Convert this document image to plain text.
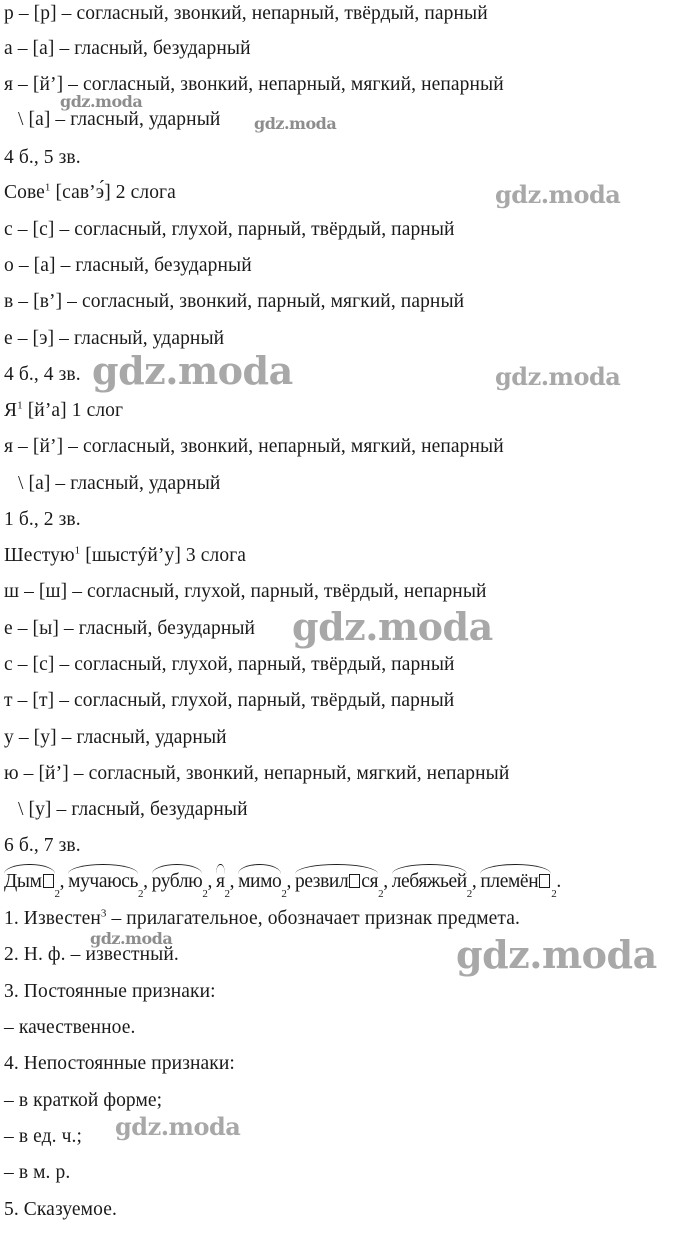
р – [р] – согласный, звонкий, непарный, твёрдый, парный
а – [а] – гласный, безударный
я – [й’] – согласный, звонкий, непарный, мягкий, непарный
\ [а] – гласный, ударный
4 б., 5 зв.
Сове$^1$ [сав’э́] 2 слога
с – [с] – согласный, глухой, парный, твёрдый, парный
о – [а] – гласный, безударный
в – [в’] – согласный, звонкий, парный, мягкий, парный
е – [э] – гласный, ударный
4 б., 4 зв.
$Я^1$ [й’а] 1 слог
я – [й’] – согласный, звонкий, непарный, мягкий, непарный
\ [а] – гласный, ударный
1 б., 2 зв.
Шестую$^1$ [шыстýй’у] 3 слога
ш – [ш] – согласный, глухой, парный, твёрдый, непарный
е – [ы] – гласный, безударный
с – [с] – согласный, глухой, парный, твёрдый, парный
т – [т] – согласный, глухой, парный, твёрдый, парный
у – [у] – гласный, ударный
ю – [й’] – согласный, звонкий, непарный, мягкий, непарный
\ [у] – гласный, безударный
6 б., 7 зв.
Дым
2
, мучаюсь
2
, рублю
2
, я
2
, мимо
2
, резвил ся
2
, лебяжьей
2
, племён
2
.
1. Известен$^3$ – прилагательное, обозначает признак предмета.
2. Н. ф. – известный.
3. Постоянные признаки:
– качественное.
4. Непостоянные признаки:
– в краткой форме;
– в ед. ч.;
– в м. р.
5. Сказуемое.
gdz.moda
gdz.moda
gdz.moda
gdz.moda	gdz.moda
gdz.moda
gdz.moda	gdz.moda
gdz.moda
